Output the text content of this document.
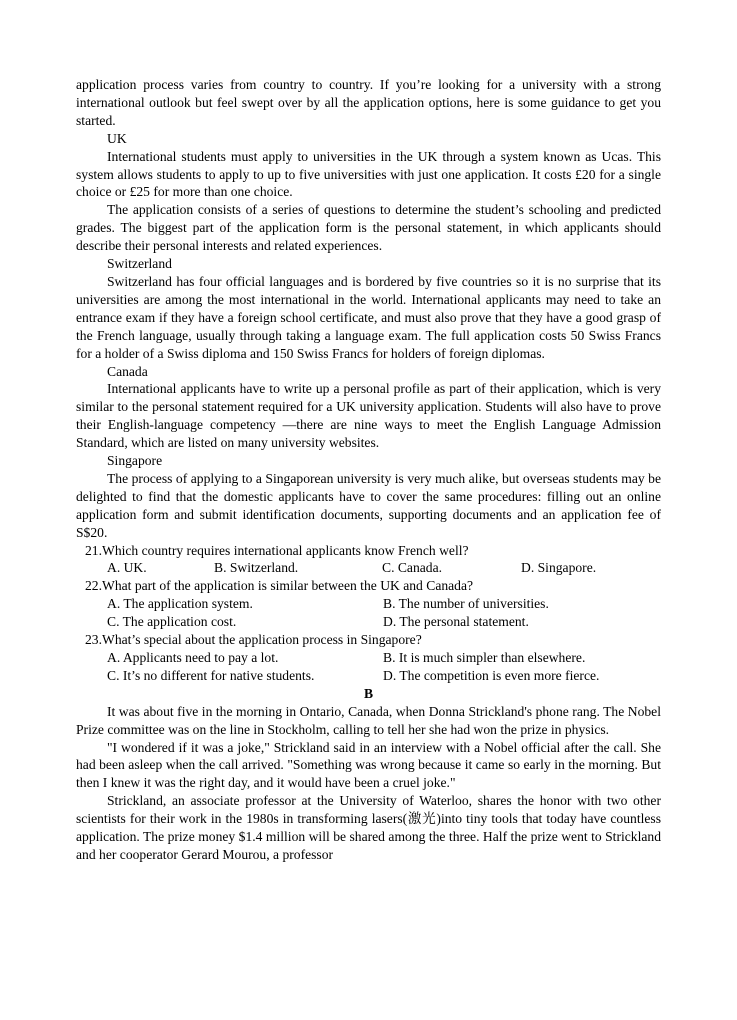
application process varies from country to country. If you’re looking for a university with a strong international outlook but feel swept over by all the application options, here is some guidance to get you started.

UK

International students must apply to universities in the UK through a system known as Ucas. This system allows students to apply to up to five universities with just one application. It costs £20 for a single choice or £25 for more than one choice.

The application consists of a series of questions to determine the student’s schooling and predicted grades. The biggest part of the application form is the personal statement, in which applicants should describe their personal interests and related experiences.

Switzerland

Switzerland has four official languages and is bordered by five countries so it is no surprise that its universities are among the most international in the world. International applicants may need to take an entrance exam if they have a foreign school certificate, and must also prove that they have a good grasp of the French language, usually through taking a language exam. The full application costs 50 Swiss Francs for a holder of a Swiss diploma and 150 Swiss Francs for holders of foreign diplomas.

Canada

International applicants have to write up a personal profile as part of their application, which is very similar to the personal statement required for a UK university application. Students will also have to prove their English-language competency —there are nine ways to meet the English Language Admission Standard, which are listed on many university websites.

Singapore

The process of applying to a Singaporean university is very much alike, but overseas students may be delighted to find that the domestic applicants have to cover the same procedures: filling out an online application form and submit identification documents, supporting documents and an application fee of S$20.

21.Which country requires international applicants know French well?

A. UK.	B. Switzerland.	C. Canada.	D. Singapore.

22.What part of the application is similar between the UK and Canada?

A. The application system.	B. The number of universities.
C. The application cost.	D. The personal statement.

23.What’s special about the application process in Singapore?

A. Applicants need to pay a lot.	B. It is much simpler than elsewhere.
C. It’s no different for native students.	D. The competition is even more fierce.

B

It was about five in the morning in Ontario, Canada, when Donna Strickland's phone rang. The Nobel Prize committee was on the line in Stockholm, calling to tell her she had won the prize in physics.

"I wondered if it was a joke," Strickland said in an interview with a Nobel official after the call. She had been asleep when the call arrived. "Something was wrong because it came so early in the morning. But then I knew it was the right day, and it would have been a cruel joke."

Strickland, an associate professor at the University of Waterloo, shares the honor with two other scientists for their work in the 1980s in transforming lasers(激光)into tiny tools that today have countless application. The prize money $1.4 million will be shared among the three. Half the prize went to Strickland and her cooperator Gerard Mourou, a professor
